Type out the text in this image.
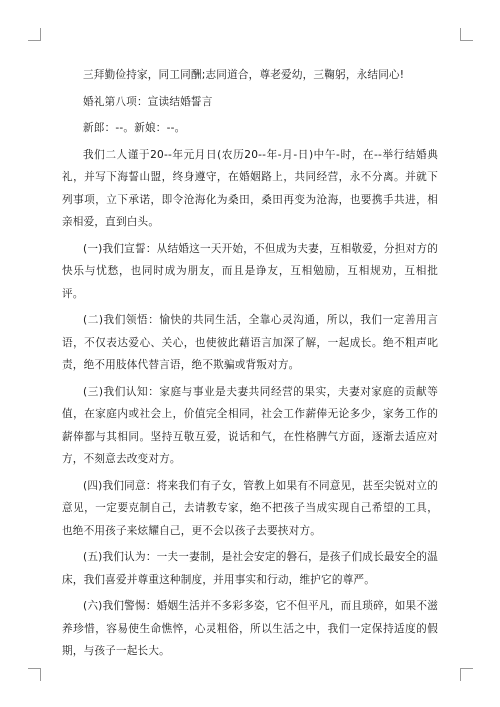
三拜勤俭持家，同工同酬;志同道合，尊老爱幼，三鞠躬，永结同心!

婚礼第八项：宣读结婚誓言

新郎：--。新娘：--。

我们二人谨于20--年元月日(农历20--年-月-日)中午-时，在--举行结婚典礼，并写下海誓山盟，终身遵守，在婚姻路上，共同经营，永不分离。并就下列事项，立下承诺，即令沧海化为桑田，桑田再变为沧海，也要携手共进，相亲相爱，直到白头。

(一)我们宣誓：从结婚这一天开始，不但成为夫妻，互相敬爱，分担对方的快乐与忧愁，也同时成为朋友，而且是诤友，互相勉励，互相规劝，互相批评。

(二)我们领悟：愉快的共同生活，全靠心灵沟通，所以，我们一定善用言语，不仅表达爱心、关心，也使彼此藉语言加深了解，一起成长。绝不粗声叱责，绝不用肢体代替言语，绝不欺骗或背叛对方。

(三)我们认知：家庭与事业是夫妻共同经营的果实，夫妻对家庭的贡献等值，在家庭内或社会上，价值完全相同，社会工作薪俸无论多少，家务工作的薪俸都与其相同。坚持互敬互爱，说话和气，在性格脾气方面，逐渐去适应对方，不刻意去改变对方。

(四)我们同意：将来我们有子女，管教上如果有不同意见，甚至尖锐对立的意见，一定要克制自己，去请教专家，绝不把孩子当成实现自己希望的工具，也绝不用孩子来炫耀自己，更不会以孩子去要挟对方。

(五)我们认为：一夫一妻制，是社会安定的磐石，是孩子们成长最安全的温床，我们喜爱并尊重这种制度，并用事实和行动，维护它的尊严。

(六)我们警惕：婚姻生活并不多彩多姿，它不但平凡，而且琐碎，如果不滋养珍惜，容易使生命憔悴，心灵粗俗，所以生活之中，我们一定保持适度的假期，与孩子一起长大。
